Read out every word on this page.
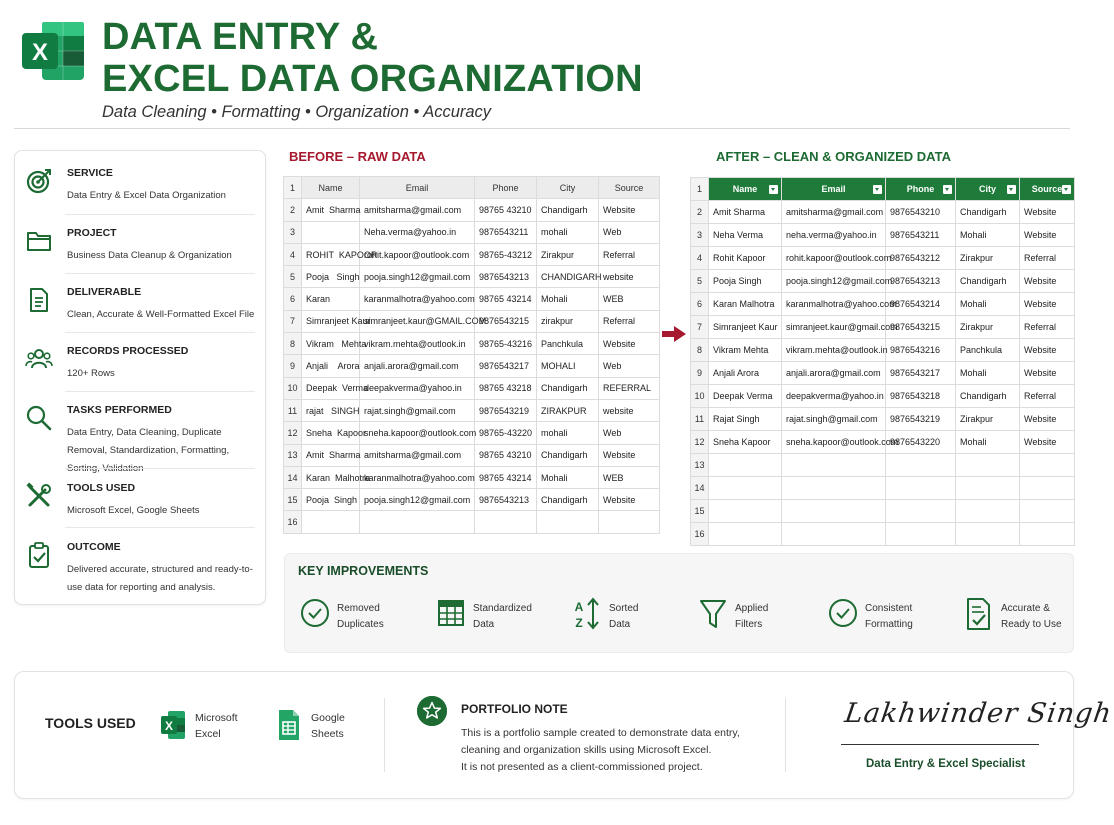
X DATA ENTRY &
EXCEL DATA ORGANIZATION
Data Cleaning • Formatting • Organization • Accuracy
SERVICE
Data Entry & Excel Data Organization
PROJECT
Business Data Cleanup & Organization
DELIVERABLE
Clean, Accurate & Well-Formatted Excel File
RECORDS PROCESSED
120+ Rows
TASKS PERFORMED
Data Entry, Data Cleaning, Duplicate Removal, Standardization, Formatting,
TOOLS USED
Microsoft Excel, Google Sheets
OUTCOME
Delivered accurate, structured and ready-to-use data for reporting and analysis.
BEFORE – RAW DATA
1	Name	Email	Phone	City	Source
2	Amit  Sharma	amitsharma@gmail.com	98765 43210	Chandigarh	Website
3		Neha.verma@yahoo.in	9876543211	mohali	Web
4	ROHIT  KAPOOR	rohit.kapoor@outlook.com	98765-43212	Zirakpur	Referral
5	Pooja   Singh	pooja.singh12@gmail.com	9876543213	CHANDIGARH	website
6	Karan	karanmalhotra@yahoo.com	98765 43214	Mohali	WEB
7	Simranjeet Kaur	simranjeet.kaur@GMAIL.COM	9876543215	zirakpur	Referral
8	Vikram   Mehta	vikram.mehta@outlook.in	98765-43216	Panchkula	Website
9	Anjali    Arora	anjali.arora@gmail.com	9876543217	MOHALI	Web
10	Deepak  Verma	deepakverma@yahoo.in	98765 43218	Chandigarh	REFERRAL
11	rajat   SINGH	rajat.singh@gmail.com	9876543219	ZIRAKPUR	website
12	Sneha  Kapoor	sneha.kapoor@outlook.com	98765-43220	mohali	Web
13	Amit  Sharma	amitsharma@gmail.com	98765 43210	Chandigarh	Website
14	Karan  Malhotra	karanmalhotra@yahoo.com	98765 43214	Mohali	WEB
15	Pooja  Singh	pooja.singh12@gmail.com	9876543213	Chandigarh	Website
16					
AFTER – CLEAN & ORGANIZED DATA
1	Name	Email	Phone	City	Source

2	Amit Sharma	amitsharma@gmail.com	9876543210	Chandigarh	Website
3	Neha Verma	neha.verma@yahoo.in	9876543211	Mohali	Website
4	Rohit Kapoor	rohit.kapoor@outlook.com	9876543212	Zirakpur	Referral
5	Pooja Singh	pooja.singh12@gmail.com	9876543213	Chandigarh	Website
6	Karan Malhotra	karanmalhotra@yahoo.com	9876543214	Mohali	Website
7	Simranjeet Kaur	simranjeet.kaur@gmail.com	9876543215	Zirakpur	Referral
8	Vikram Mehta	vikram.mehta@outlook.in	9876543216	Panchkula	Website
9	Anjali Arora	anjali.arora@gmail.com	9876543217	Mohali	Website
10	Deepak Verma	deepakverma@yahoo.in	9876543218	Chandigarh	Referral
11	Rajat Singh	rajat.singh@gmail.com	9876543219	Zirakpur	Website
12	Sneha Kapoor	sneha.kapoor@outlook.com	9876543220	Mohali	Website
13					
14					
15					
16					
KEY IMPROVEMENTS
Removed
Duplicates
Standardized
Data
A
Z
Sorted
Data
Applied
Filters
Consistent
Formatting
Accurate &
Ready to Use
TOOLS USED X
Microsoft
Excel
Google
Sheets
PORTFOLIO NOTE
This is a portfolio sample created to demonstrate data entry,
cleaning and organization skills using Microsoft Excel.
It is not presented as a client-commissioned project.
Lakhwinder Singh
Data Entry & Excel Specialist
